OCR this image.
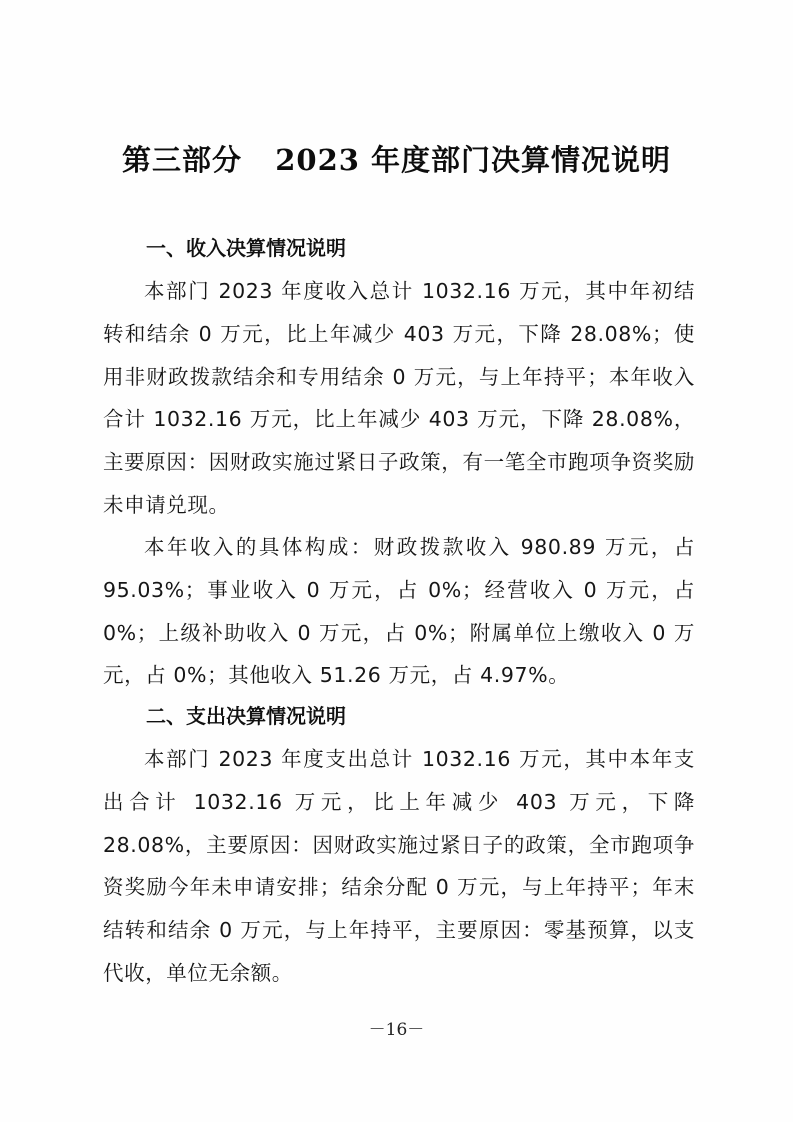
第三部分   2023 年度部门决算情况说明
一、收入决算情况说明

本部门 2023 年度收入总计 1032.16 万元，其中年初结转和结余 0 万元，比上年减少 403 万元，下降 28.08%；使用非财政拨款结余和专用结余 0 万元，与上年持平；本年收入合计 1032.16 万元，比上年减少 403 万元，下降 28.08%，主要原因：因财政实施过紧日子政策，有一笔全市跑项争资奖励未申请兑现。

本年收入的具体构成：财政拨款收入 980.89 万元，占 95.03%；事业收入 0 万元，占 0%；经营收入 0 万元，占 0%；上级补助收入 0 万元，占 0%；附属单位上缴收入 0 万元，占 0%；其他收入 51.26 万元，占 4.97%。

二、支出决算情况说明

本部门 2023 年度支出总计 1032.16 万元，其中本年支出合计 1032.16 万元，比上年减少 403 万元，下降 28.08%，主要原因：因财政实施过紧日子的政策，全市跑项争资奖励今年未申请安排；结余分配 0 万元，与上年持平；年末结转和结余 0 万元，与上年持平，主要原因：零基预算，以支代收，单位无余额。

－16－
